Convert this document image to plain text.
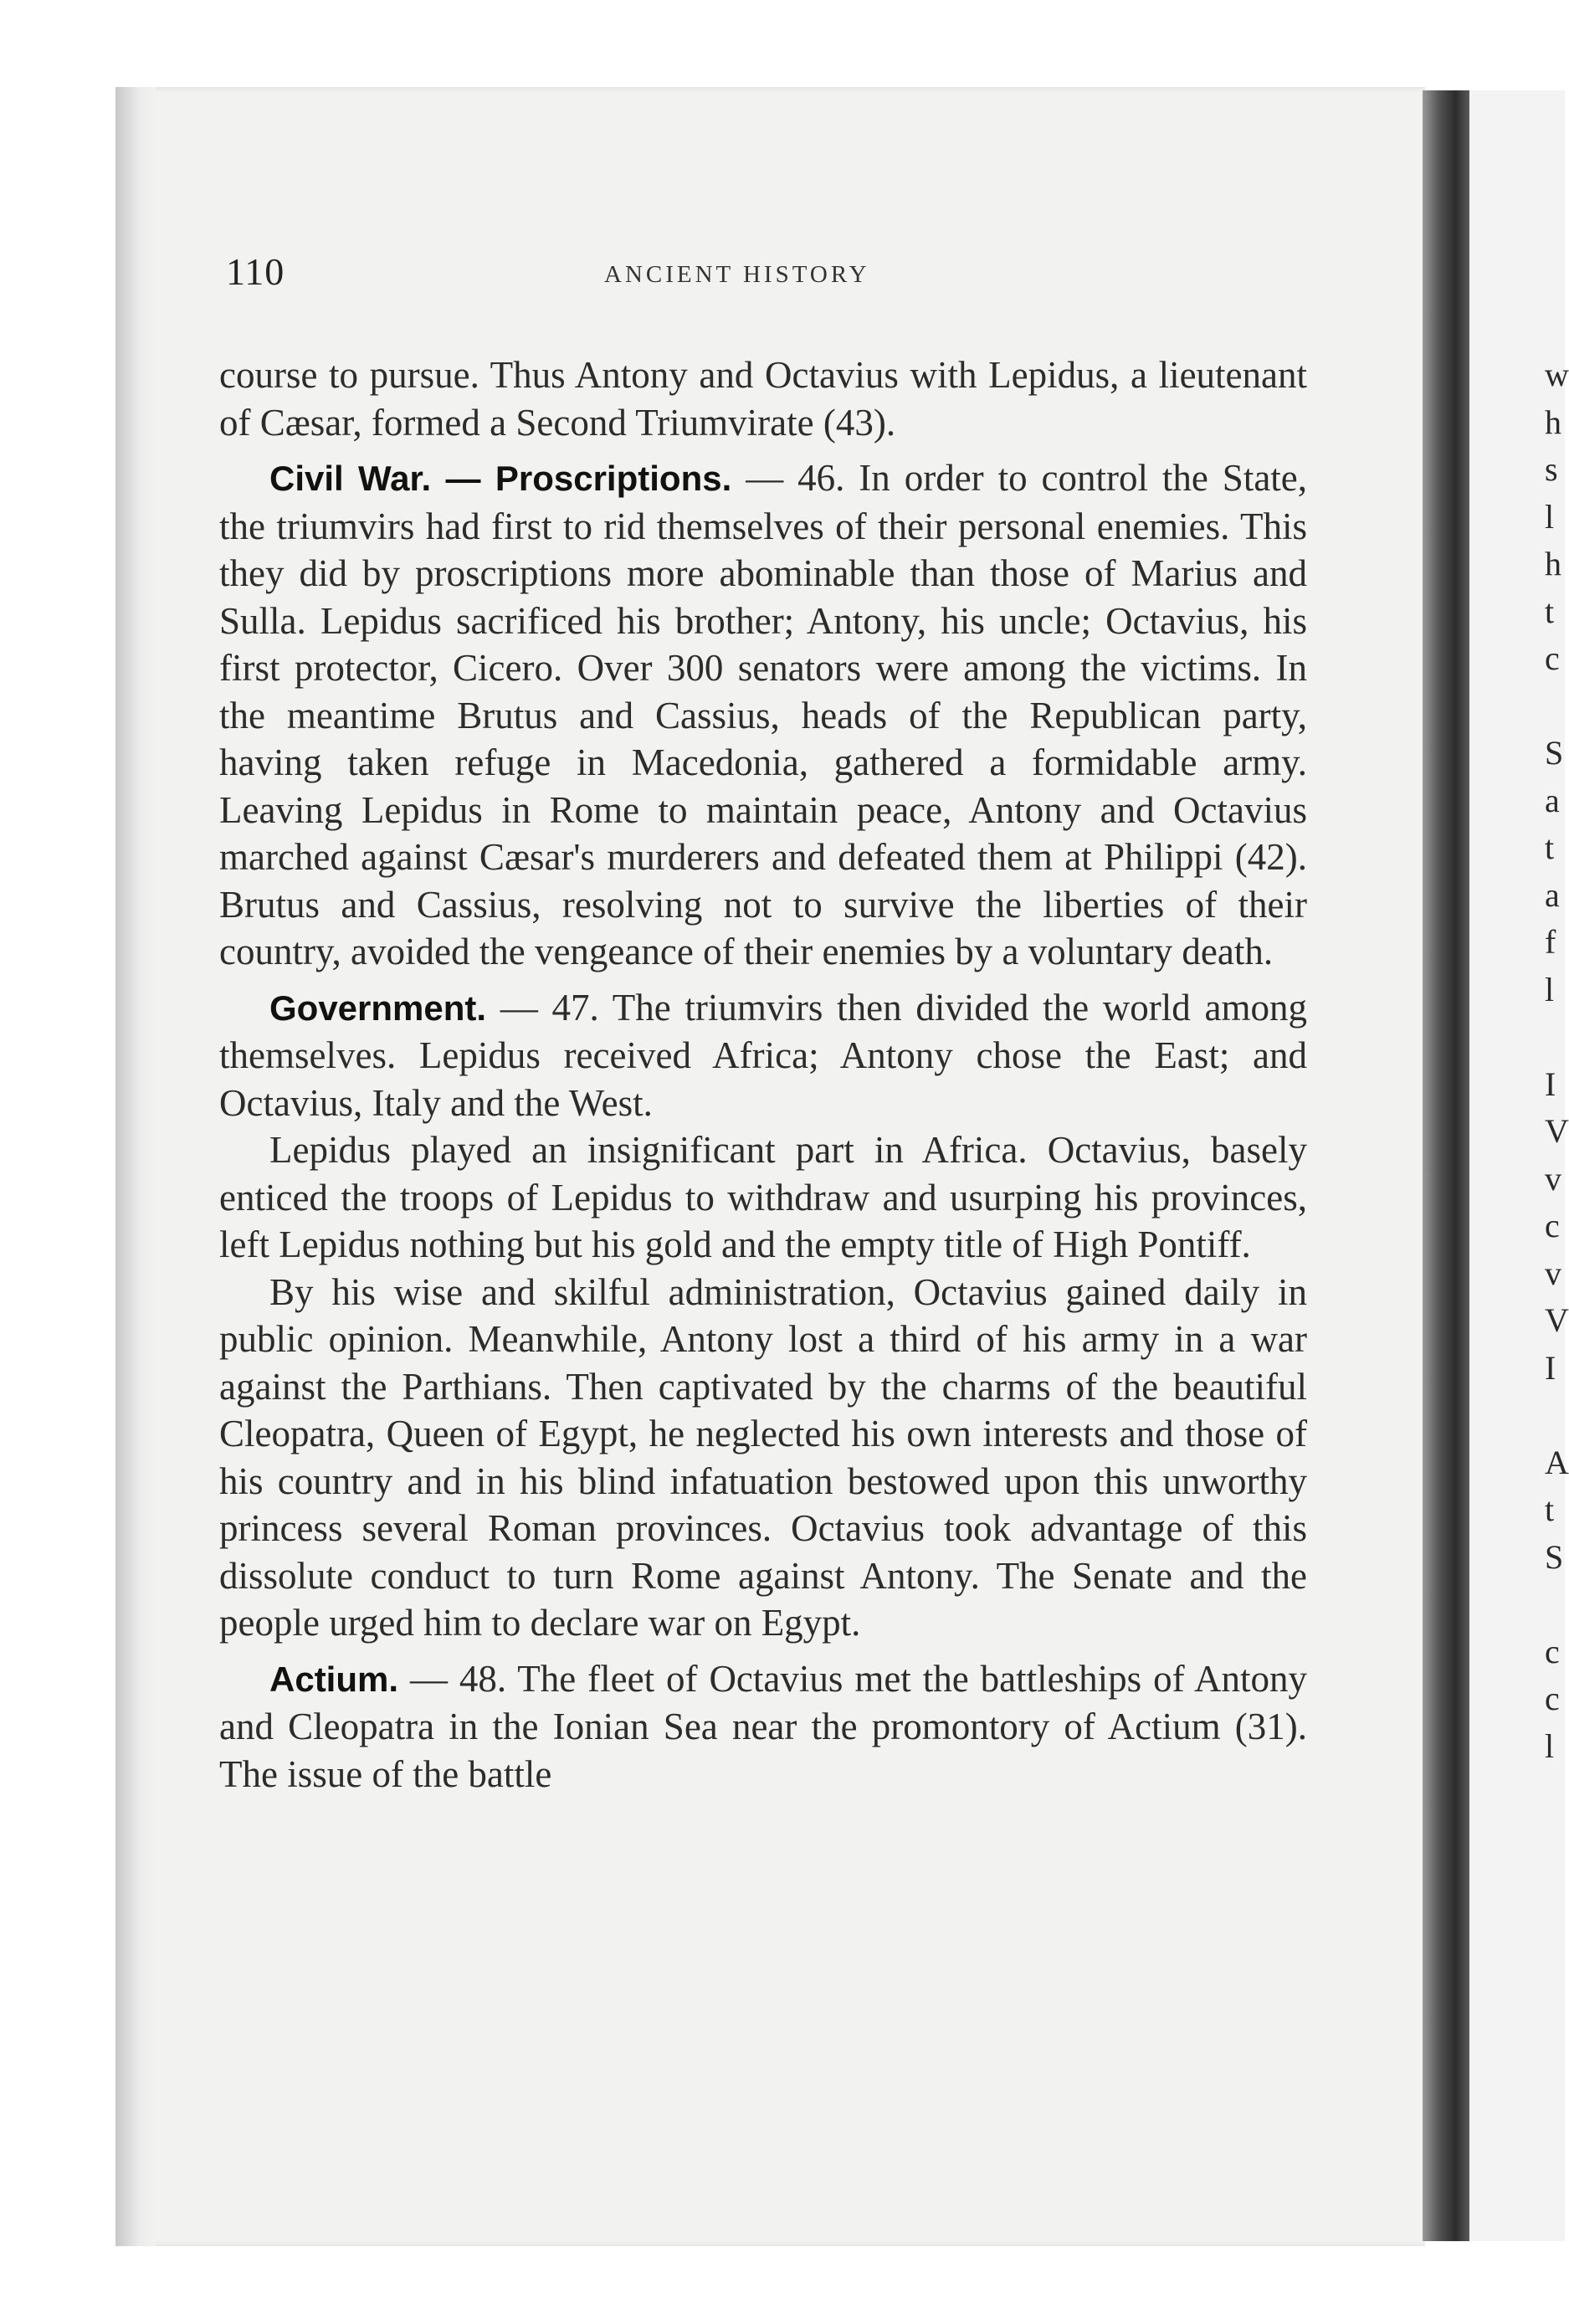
w
h
s
l
h
t
c
S
a
t
a
f
l
I
V
v
c
v
V
I
A
t
S
c
c
l
110	ANCIENT HISTORY

course to pursue. Thus Antony and Octavius with Lepidus, a lieutenant of Cæsar, formed a Second Triumvirate (43).

Civil War. — Proscriptions. — 46. In order to control the State, the triumvirs had first to rid themselves of their personal enemies. This they did by proscriptions more abominable than those of Marius and Sulla. Lepidus sacrificed his brother; Antony, his uncle; Octavius, his first protector, Cicero. Over 300 senators were among the victims. In the meantime Brutus and Cassius, heads of the Republican party, having taken refuge in Macedonia, gathered a formidable army. Leaving Lepidus in Rome to maintain peace, Antony and Octavius marched against Cæsar's murderers and defeated them at Philippi (42). Brutus and Cassius, resolving not to survive the liberties of their country, avoided the vengeance of their enemies by a voluntary death.

Government. — 47. The triumvirs then divided the world among themselves. Lepidus received Africa; Antony chose the East; and Octavius, Italy and the West.

Lepidus played an insignificant part in Africa. Octavius, basely enticed the troops of Lepidus to withdraw and usurping his provinces, left Lepidus nothing but his gold and the empty title of High Pontiff.

By his wise and skilful administration, Octavius gained daily in public opinion. Meanwhile, Antony lost a third of his army in a war against the Parthians. Then captivated by the charms of the beautiful Cleopatra, Queen of Egypt, he neglected his own interests and those of his country and in his blind infatuation bestowed upon this unworthy princess several Roman provinces. Octavius took advantage of this dissolute conduct to turn Rome against Antony. The Senate and the people urged him to declare war on Egypt.

Actium. — 48. The fleet of Octavius met the battleships of Antony and Cleopatra in the Ionian Sea near the promontory of Actium (31). The issue of the battle
